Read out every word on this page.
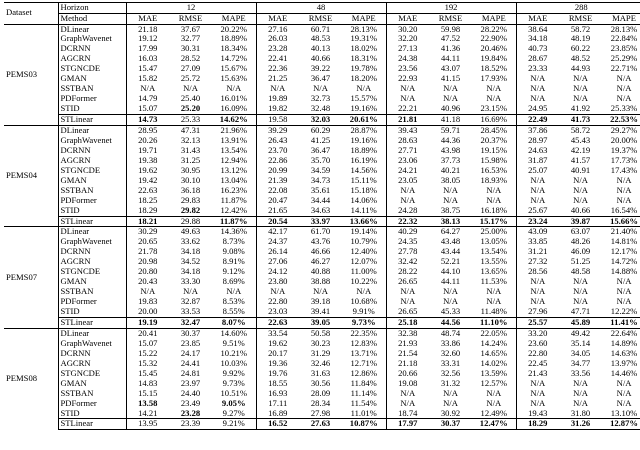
Dataset	Horizon	12			48			192			288		
	Method	MAE	RMSE	MAPE	MAE	RMSE	MAPE	MAE	RMSE	MAPE	MAE	RMSE	MAPE
PEMS03	DLinear	21.18	37.67	20.22%	27.16	60.71	28.13%	30.20	59.98	28.22%	38.64	58.72	28.13%
	GraphWavenet	19.12	32.77	18.89%	26.03	48.53	19.31%	32.20	47.52	22.90%	34.18	48.19	22.84%
	DCRNN	17.99	30.31	18.34%	23.28	40.13	18.02%	27.13	41.36	20.46%	40.73	60.22	23.85%
	AGCRN	16.03	28.52	14.72%	22.41	40.66	18.31%	24.38	44.11	19.84%	28.67	48.52	25.29%
	STGNCDE	15.47	27.09	15.67%	22.36	39.22	19.78%	23.56	43.07	18.52%	23.33	44.93	22.71%
	GMAN	15.82	25.72	15.63%	21.25	36.47	18.20%	22.93	41.15	17.93%	N/A	N/A	N/A
	SSTBAN	N/A	N/A	N/A	N/A	N/A	N/A	N/A	N/A	N/A	N/A	N/A	N/A
	PDFormer	14.79	25.40	16.01%	19.89	32.73	15.57%	N/A	N/A	N/A	N/A	N/A	N/A
	STID	15.07	25.20	16.09%	19.82	32.48	19.16%	22.21	40.96	23.15%	24.95	41.92	25.33%
	STLinear	14.73	25.33	14.62%	19.58	32.03	20.61%	21.81	41.18	16.69%	22.49	41.73	22.53%
PEMS04	DLinear	28.95	47.31	21.96%	39.29	60.29	28.87%	39.43	59.71	28.45%	37.86	58.72	29.27%
	GraphWavenet	20.26	32.13	13.91%	26.43	41.25	19.16%	28.63	44.36	20.37%	28.97	45.43	20.00%
	DCRNN	19.71	31.43	13.54%	23.70	36.47	18.89%	27.71	43.98	19.15%	24.63	42.19	19.37%
	AGCRN	19.38	31.25	12.94%	22.86	35.70	16.19%	23.06	37.73	15.98%	31.87	41.57	17.73%
	STGNCDE	19.62	30.95	13.12%	20.99	34.59	14.56%	24.21	40.21	16.53%	25.07	40.91	17.43%
	GMAN	19.42	30.10	13.04%	21.39	34.73	15.11%	23.05	38.05	18.93%	N/A	N/A	N/A
	SSTBAN	22.63	36.18	16.23%	22.08	35.61	15.18%	N/A	N/A	N/A	N/A	N/A	N/A
	PDFormer	18.25	29.83	11.87%	20.47	34.44	14.06%	N/A	N/A	N/A	N/A	N/A	N/A
	STID	18.29	29.82	12.42%	21.65	34.63	14.11%	24.28	38.75	16.18%	25.67	40.66	16.54%
	STLinear	18.21	29.88	11.87%	20.54	33.97	13.66%	22.32	38.13	15.17%	23.24	39.87	15.66%
PEMS07	DLinear	30.29	49.63	14.36%	42.17	61.70	19.14%	40.29	64.27	25.00%	43.09	63.07	21.40%
	GraphWavenet	20.65	33.62	8.73%	24.37	43.76	10.79%	24.35	43.48	13.05%	33.85	48.26	14.81%
	DCRNN	21.78	34.18	9.08%	26.14	46.66	12.40%	27.78	43.44	13.54%	31.21	46.09	12.17%
	AGCRN	20.98	34.52	8.91%	27.06	46.27	12.07%	32.42	52.21	13.55%	27.32	51.25	14.72%
	STGNCDE	20.80	34.18	9.12%	24.12	40.88	11.00%	28.22	44.10	13.65%	28.56	48.58	14.88%
	GMAN	20.43	33.30	8.69%	23.80	38.88	10.22%	26.65	44.11	11.53%	N/A	N/A	N/A
	SSTBAN	N/A	N/A	N/A	N/A	N/A	N/A	N/A	N/A	N/A	N/A	N/A	N/A
	PDFormer	19.83	32.87	8.53%	22.80	39.18	10.68%	N/A	N/A	N/A	N/A	N/A	N/A
	STID	20.00	33.53	8.55%	23.03	39.41	9.91%	26.65	45.33	11.48%	27.96	47.71	12.22%
	STLinear	19.19	32.47	8.07%	22.63	39.05	9.73%	25.18	44.56	11.10%	25.57	45.89	11.41%
PEMS08	DLinear	20.41	30.37	14.60%	33.54	50.58	22.35%	32.38	48.74	22.05%	33.20	49.42	22.64%
	GraphWavenet	15.07	23.85	9.51%	19.62	30.23	12.83%	21.93	33.86	14.24%	23.60	35.14	14.89%
	DCRNN	15.22	24.17	10.21%	20.17	31.29	13.71%	21.54	32.60	14.65%	22.80	34.05	14.63%
	AGCRN	15.32	24.41	10.03%	19.36	32.46	12.71%	21.18	33.31	14.02%	22.45	34.77	13.97%
	STGNCDE	15.45	24.81	9.92%	19.76	31.63	12.86%	20.66	32.56	13.59%	21.43	33.56	14.46%
	GMAN	14.83	23.97	9.73%	18.55	30.56	11.84%	19.08	31.32	12.57%	N/A	N/A	N/A
	SSTBAN	15.15	24.40	10.51%	16.93	28.09	11.14%	N/A	N/A	N/A	N/A	N/A	N/A
	PDFormer	13.58	23.49	9.05%	17.11	28.34	11.54%	N/A	N/A	N/A	N/A	N/A	N/A
	STID	14.21	23.28	9.27%	16.89	27.98	11.01%	18.74	30.92	12.49%	19.43	31.80	13.10%
	STLinear	13.95	23.39	9.21%	16.52	27.63	10.87%	17.97	30.37	12.47%	18.29	31.26	12.87%
